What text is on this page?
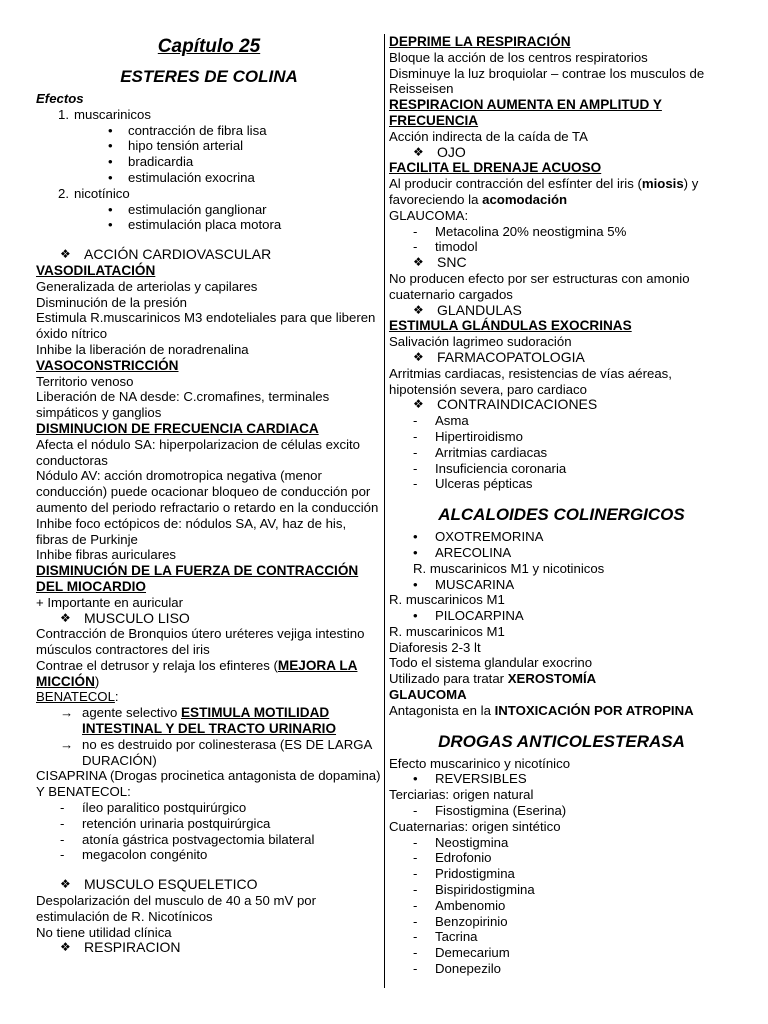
Capítulo 25

ESTERES DE COLINA

Efectos

1. muscarinicos
• contracción de fibra lisa
• hipo tensión arterial
• bradicardia
• estimulación exocrina
2. nicotínico
• estimulación ganglionar
• estimulación placa motora

❖ ACCIÓN CARDIOVASCULAR

VASODILATACIÓN

Generalizada de arteriolas y capilares

Disminución de la presión

Estimula R.muscarinicos M3 endoteliales para que liberen óxido nítrico

Inhibe la liberación de noradrenalina

VASOCONSTRICCIÓN

Territorio venoso

Liberación de NA desde: C.cromafines, terminales simpáticos y ganglios

DISMINUCION DE FRECUENCIA CARDIACA

Afecta el nódulo SA: hiperpolarizacion de células excito conductoras

Nódulo AV: acción dromotropica negativa (menor conducción) puede ocacionar bloqueo de conducción por aumento del periodo refractario o retardo en la conducción

Inhibe foco ectópicos de: nódulos SA, AV, haz de his, fibras de Purkinje

Inhibe fibras auriculares

DISMINUCIÓN DE LA FUERZA DE CONTRACCIÓN DEL MIOCARDIO

+ Importante en auricular

❖ MUSCULO LISO

Contracción de Bronquios útero uréteres vejiga intestino músculos contractores del iris

Contrae el detrusor y relaja los efinteres (MEJORA LA MICCIÓN)

BENATECOL:

→ agente selectivo ESTIMULA MOTILIDAD INTESTINAL Y DEL TRACTO URINARIO

→ no es destruido por colinesterasa (ES DE LARGA DURACIÓN)

CISAPRINA (Drogas procinetica antagonista de dopamina) Y BENATECOL:

- íleo paralitico postquirúrgico
- retención urinaria postquirúrgica
- atonía gástrica postvagectomia bilateral
- megacolon congénito

❖ MUSCULO ESQUELETICO

Despolarización del musculo de 40 a 50 mV por estimulación de R. Nicotínicos

No tiene utilidad clínica

❖ RESPIRACION

DEPRIME LA RESPIRACIÓN

Bloque la acción de los centros respiratorios

Disminuye la luz broquiolar – contrae los musculos de Reisseisen

RESPIRACION AUMENTA EN AMPLITUD Y FRECUENCIA

Acción indirecta de la caída de TA

❖ OJO

FACILITA EL DRENAJE ACUOSO

Al producir contracción del esfínter del iris (miosis) y favoreciendo la acomodación

GLAUCOMA:

- Metacolina 20% neostigmina 5%
- timodol

❖ SNC

No producen efecto por ser estructuras con amonio cuaternario cargados

❖ GLANDULAS

ESTIMULA GLÁNDULAS EXOCRINAS

Salivación lagrimeo sudoración

❖ FARMACOPATOLOGIA

Arritmias cardiacas, resistencias de vías aéreas, hipotensión severa, paro cardiaco

❖ CONTRAINDICACIONES

- Asma
- Hipertiroidismo
- Arritmias cardiacas
- Insuficiencia coronaria
- Ulceras pépticas

ALCALOIDES COLINERGICOS

• OXOTREMORINA
• ARECOLINA

R. muscarinicos M1 y nicotinicos

• MUSCARINA

R. muscarinicos M1

• PILOCARPINA

R. muscarinicos M1

Diaforesis 2-3 lt

Todo el sistema glandular exocrino

Utilizado para tratar XEROSTOMÍA

GLAUCOMA

Antagonista en la INTOXICACIÓN POR ATROPINA

DROGAS ANTICOLESTERASA

Efecto muscarinico y nicotínico

• REVERSIBLES

Terciarias: origen natural

- Fisostigmina (Eserina)

Cuaternarias: origen sintético

- Neostigmina
- Edrofonio
- Pridostigmina
- Bispiridostigmina
- Ambenomio
- Benzopirinio
- Tacrina
- Demecarium
- Donepezilo
